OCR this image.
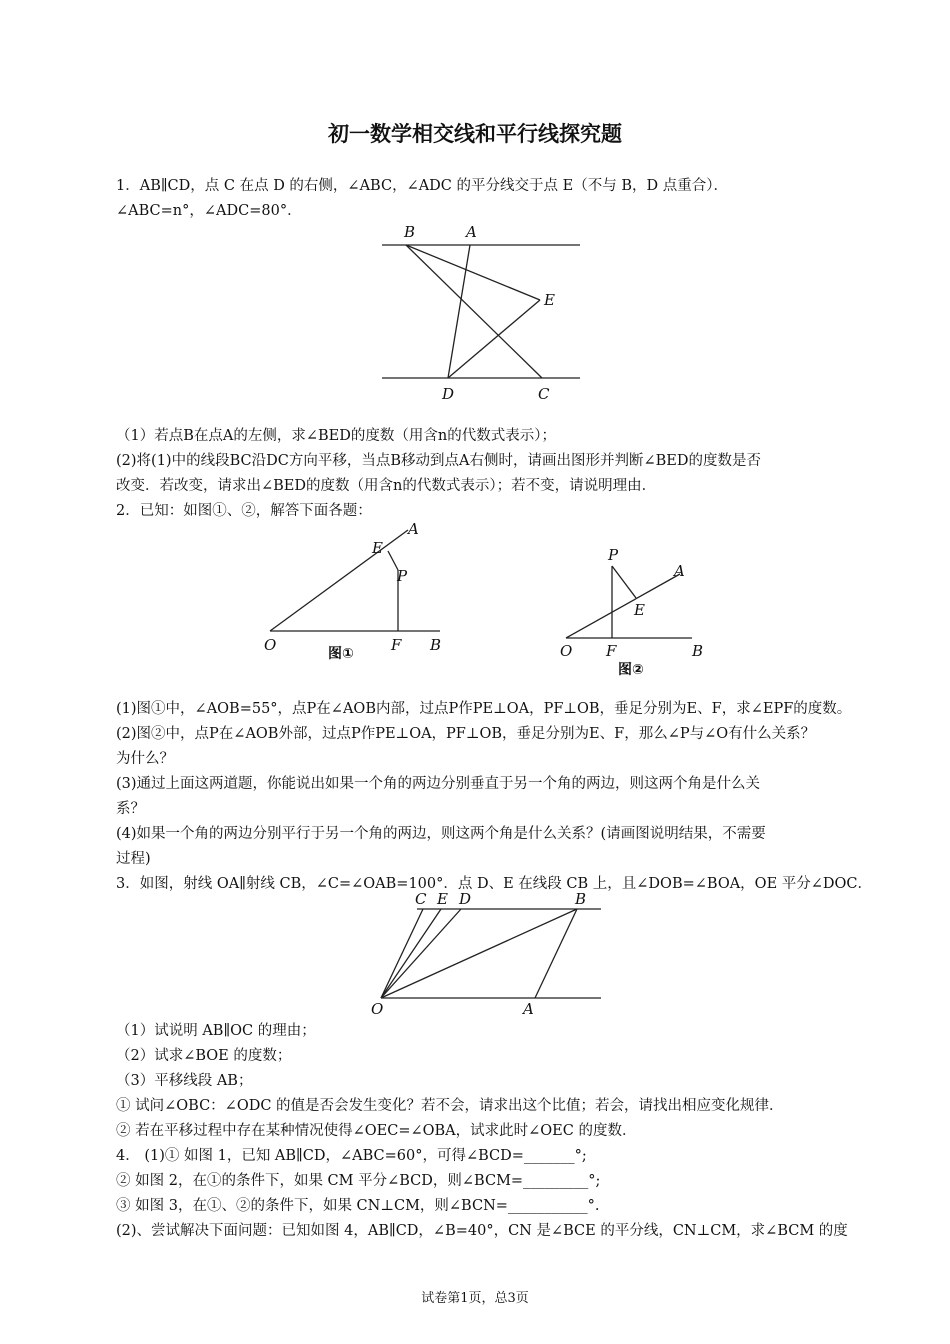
初一数学相交线和平行线探究题
1．AB∥CD，点 C 在点 D 的右侧，∠ABC，∠ADC 的平分线交于点 E（不与 B，D 点重合）．
∠ABC=n°，∠ADC=80°．
B	A
E
D	C
（1）若点B在点A的左侧，求∠BED的度数（用含n的代数式表示）；
(2)将(1)中的线段BC沿DC方向平移，当点B移动到点A右侧时，请画出图形并判断∠BED的度数是否
改变．若改变，请求出∠BED的度数（用含n的代数式表示）；若不变，请说明理由．
2．已知：如图①、②，解答下面各题：
O	F B
E
A
P
图①	O F	B
E
A
P
图②
(1)图①中，∠AOB=55°，点P在∠AOB内部，过点P作PE⊥OA，PF⊥OB，垂足分别为E、F，求∠EPF的度数。
(2)图②中，点P在∠AOB外部，过点P作PE⊥OA，PF⊥OB，垂足分别为E、F，那么∠P与∠O有什么关系？
为什么？
(3)通过上面这两道题，你能说出如果一个角的两边分别垂直于另一个角的两边，则这两个角是什么关
系？
(4)如果一个角的两边分别平行于另一个角的两边，则这两个角是什么关系？(请画图说明结果，不需要
过程)
3．如图，射线 OA∥射线 CB，∠C=∠OAB=100°．点 D、E 在线段 CB 上，且∠DOB=∠BOA，OE 平分∠DOC．
C E D	B
O	A
（1）试说明 AB∥OC 的理由；
（2）试求∠BOE 的度数；
（3）平移线段 AB；
① 试问∠OBC：∠ODC 的值是否会发生变化？若不会，请求出这个比值；若会，请找出相应变化规律．
② 若在平移过程中存在某种情况使得∠OEC=∠OBA，试求此时∠OEC 的度数．
4． (1)① 如图 1，已知 AB∥CD，∠ABC=60°，可得∠BCD=_______°;
② 如图 2，在①的条件下，如果 CM 平分∠BCD，则∠BCM=_________°;
③ 如图 3，在①、②的条件下，如果 CN⊥CM，则∠BCN=___________°.
(2)、尝试解决下面问题：已知如图 4，AB∥CD，∠B=40°，CN 是∠BCE 的平分线，CN⊥CM，求∠BCM 的度
试卷第1页，总3页
